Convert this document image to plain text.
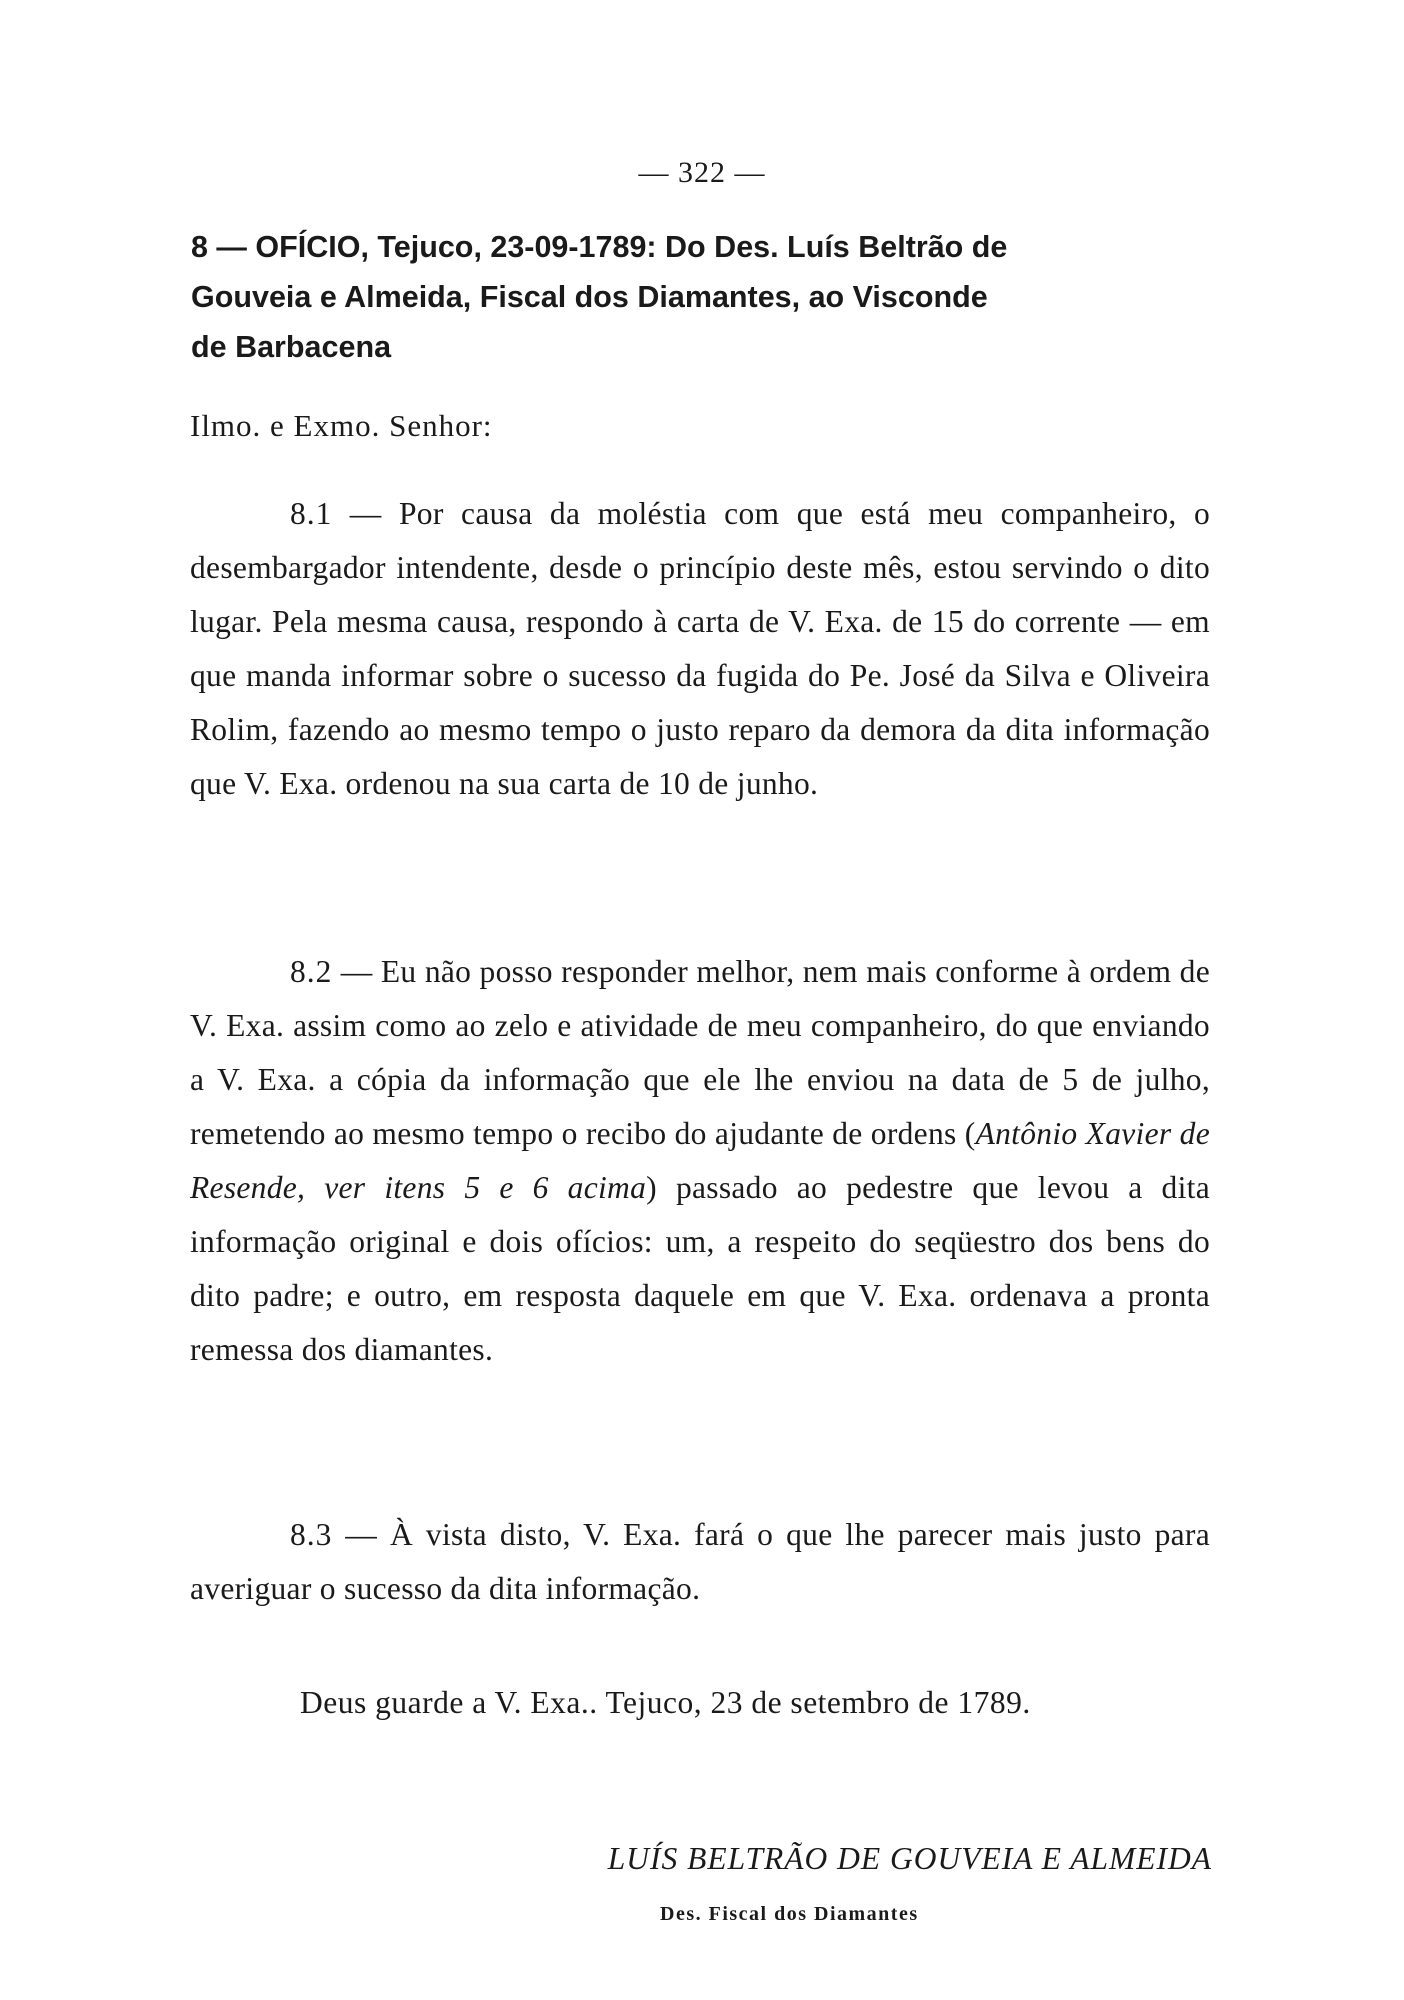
— 322 —
8 — OFÍCIO, Tejuco, 23-09-1789: Do Des. Luís Beltrão de
Gouveia e Almeida, Fiscal dos Diamantes, ao Visconde
de Barbacena
Ilmo. e Exmo. Senhor:

8.1 — Por causa da moléstia com que está meu companheiro, o desembargador intendente, desde o princípio deste mês, estou servindo o dito lugar. Pela mesma causa, respondo à carta de V. Exa. de 15 do corrente — em que manda informar sobre o sucesso da fugida do Pe. José da Silva e Oliveira Rolim, fazendo ao mesmo tempo o justo reparo da demora da dita informação que V. Exa. ordenou na sua carta de 10 de junho.

8.2 — Eu não posso responder melhor, nem mais conforme à ordem de V. Exa. assim como ao zelo e atividade de meu companheiro, do que enviando a V. Exa. a cópia da informação que ele lhe enviou na data de 5 de julho, remetendo ao mesmo tempo o recibo do ajudante de ordens (Antônio Xavier de Resende, ver itens 5 e 6 acima) passado ao pedestre que levou a dita informação original e dois ofícios: um, a respeito do seqüestro dos bens do dito padre; e outro, em resposta daquele em que V. Exa. ordenava a pronta remessa dos diamantes.

8.3 — À vista disto, V. Exa. fará o que lhe parecer mais justo para averiguar o sucesso da dita informação.

Deus guarde a V. Exa.. Tejuco, 23 de setembro de 1789.
LUÍS BELTRÃO DE GOUVEIA E ALMEIDA
Des. Fiscal dos Diamantes
